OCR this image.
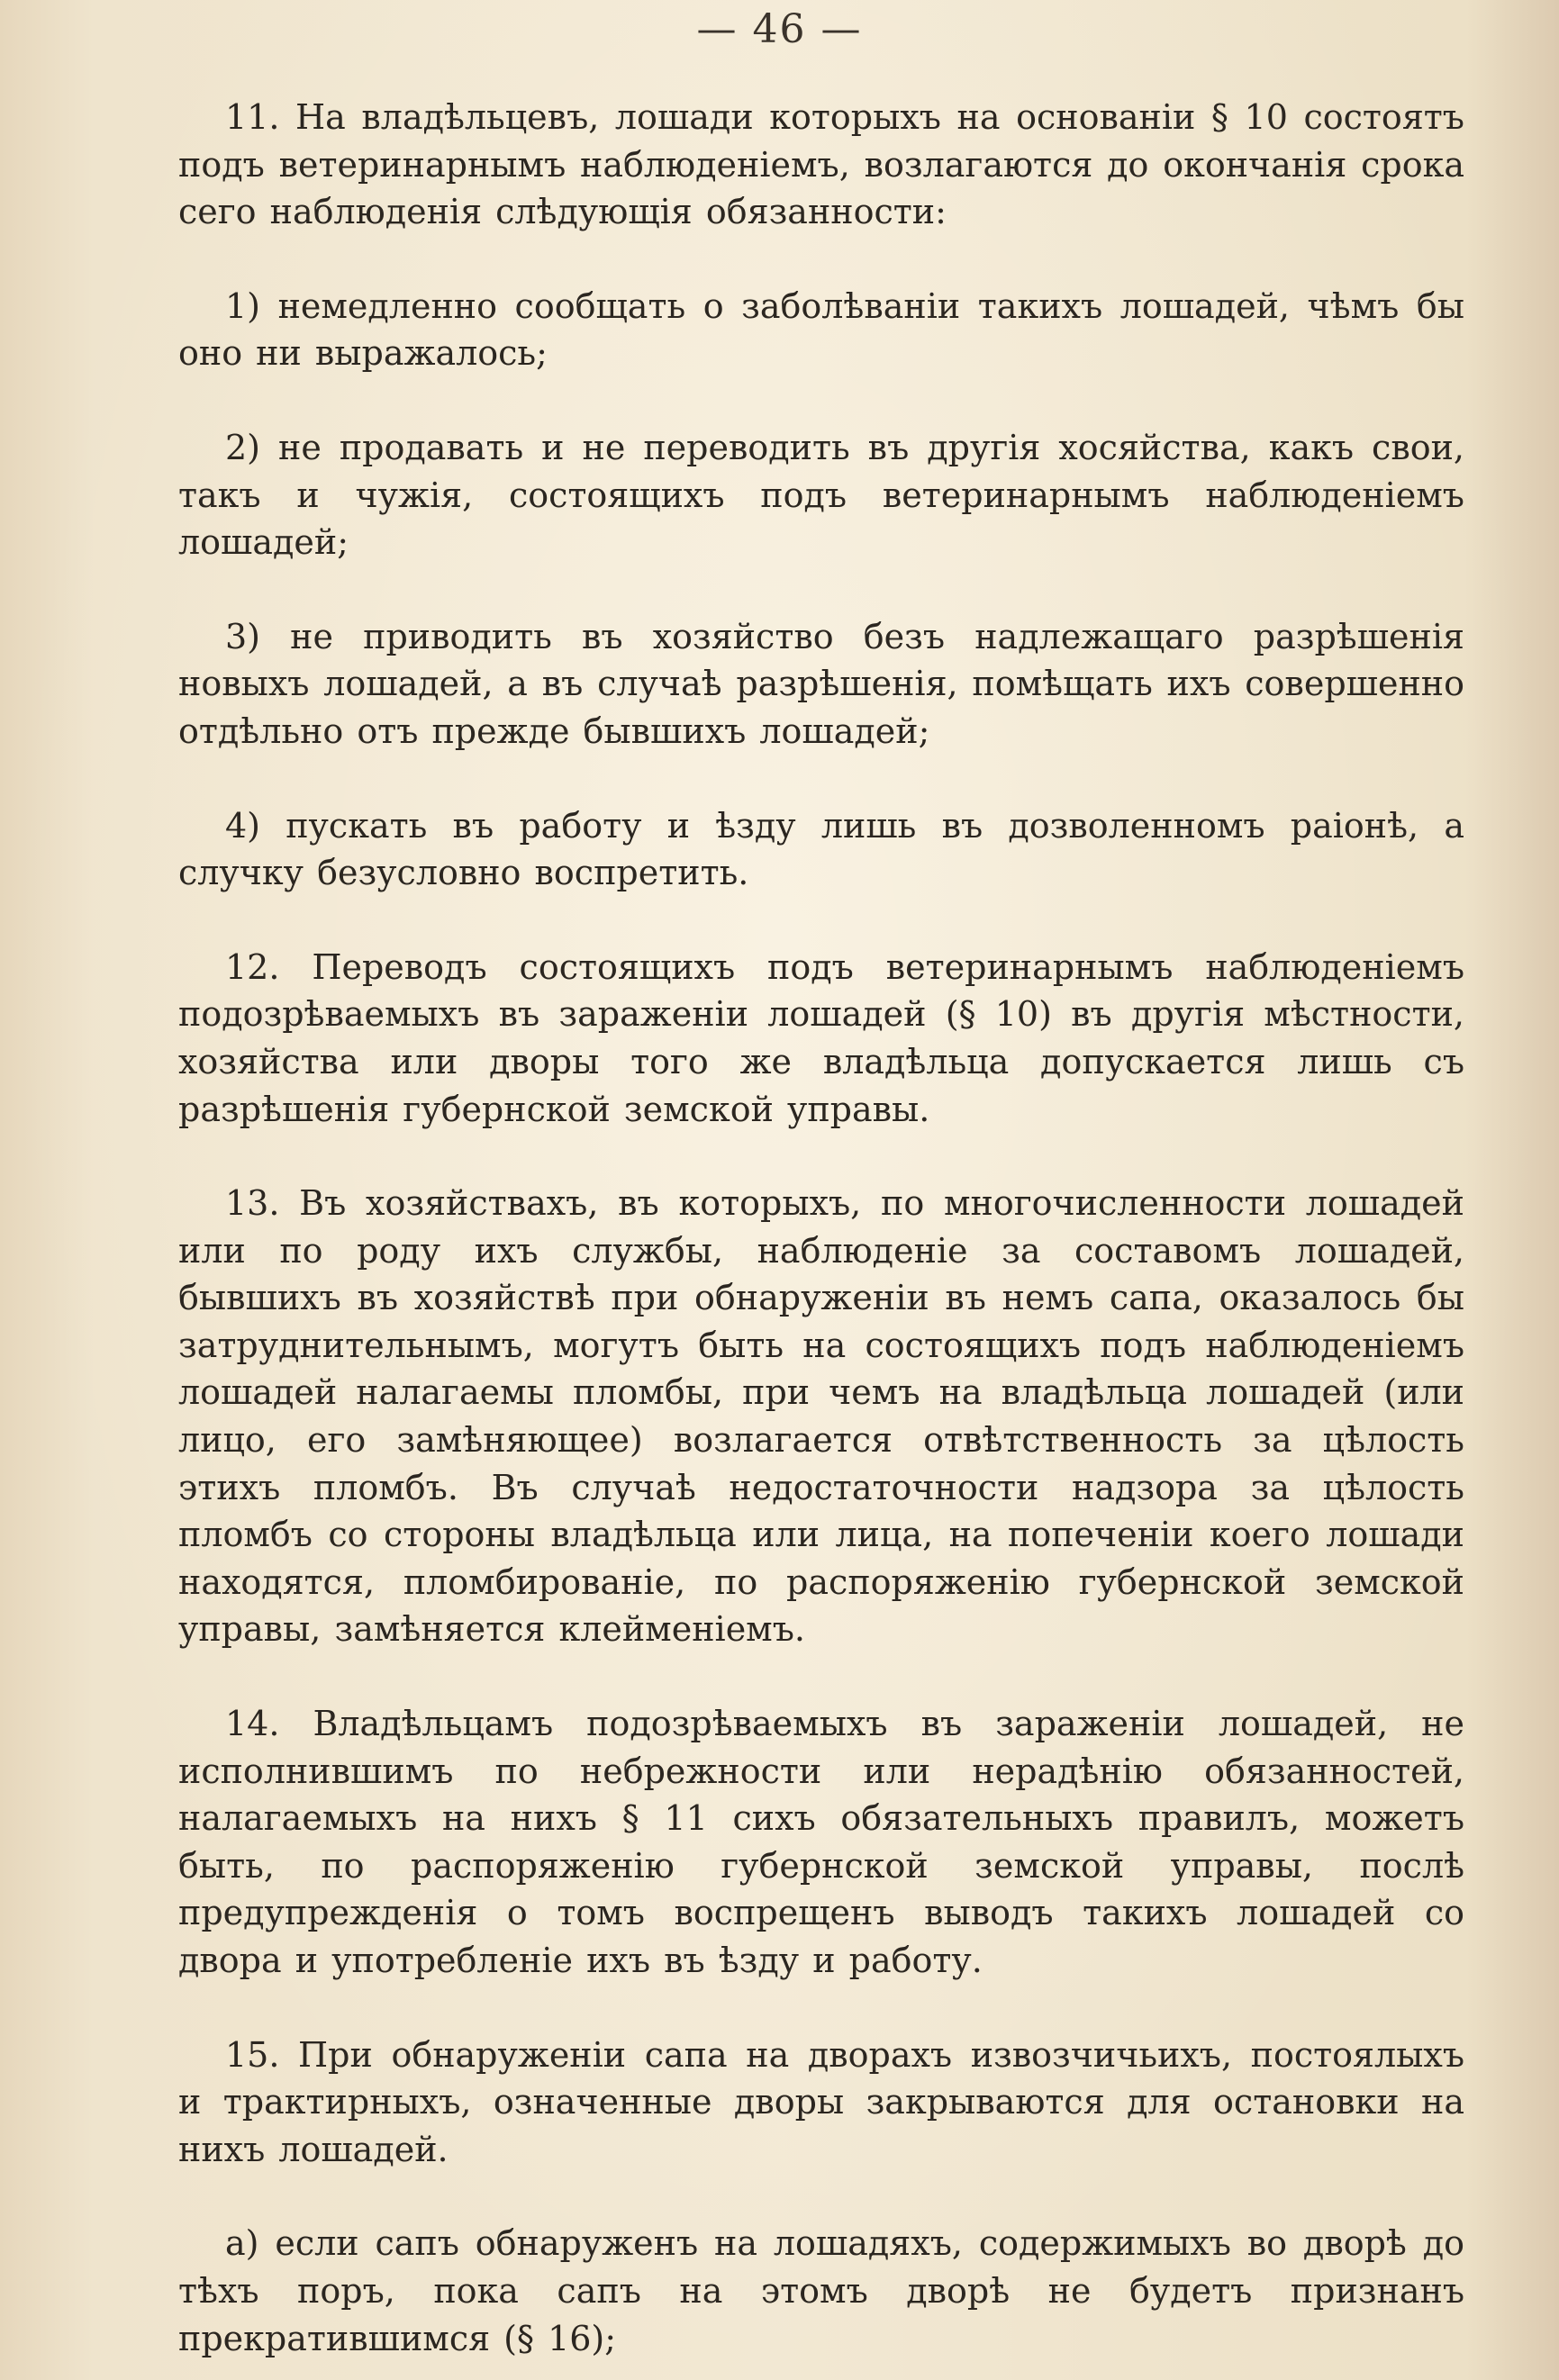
— 46 —

11. На владѣльцевъ, лошади которыхъ на основаніи § 10 состоятъ подъ ветеринарнымъ наблюденіемъ, возлагаются до окончанія срока сего наблюденія слѣдующія обязанности:

1) немедленно сообщать о заболѣваніи такихъ лошадей, чѣмъ бы оно ни выражалось;

2) не продавать и не переводить въ другія хосяйства, какъ свои, такъ и чужія, состоящихъ подъ ветеринарнымъ наблюденіемъ лошадей;

3) не приводить въ хозяйство безъ надлежащаго разрѣшенія новыхъ лошадей, а въ случаѣ разрѣшенія, помѣщать ихъ совершенно отдѣльно отъ прежде бывшихъ лошадей;

4) пускать въ работу и ѣзду лишь въ дозволенномъ раіонѣ, а случку безусловно воспретить.

12. Переводъ состоящихъ подъ ветеринарнымъ наблюденіемъ подозрѣваемыхъ въ зараженіи лошадей (§ 10) въ другія мѣстности, хозяйства или дворы того же владѣльца допускается лишь съ разрѣшенія губернской земской управы.

13. Въ хозяйствахъ, въ которыхъ, по многочисленности лошадей или по роду ихъ службы, наблюденіе за составомъ лошадей, бывшихъ въ хозяйствѣ при обнаруженіи въ немъ сапа, оказалось бы затруднительнымъ, могутъ быть на состоящихъ подъ наблюденіемъ лошадей налагаемы пломбы, при чемъ на владѣльца лошадей (или лицо, его замѣняющее) возлагается отвѣтственность за цѣлость этихъ пломбъ. Въ случаѣ недостаточности надзора за цѣлость пломбъ со стороны владѣльца или лица, на попеченіи коего лошади находятся, пломбированіе, по распоряженію губернской земской управы, замѣняется клейменіемъ.

14. Владѣльцамъ подозрѣваемыхъ въ зараженіи лошадей, не исполнившимъ по небрежности или нерадѣнію обязанностей, налагаемыхъ на нихъ § 11 сихъ обязательныхъ правилъ, можетъ быть, по распоряженію губернской земской управы, послѣ предупрежденія о томъ воспрещенъ выводъ такихъ лошадей со двора и употребленіе ихъ въ ѣзду и работу.

15. При обнаруженіи сапа на дворахъ извозчичьихъ, постоялыхъ и трактирныхъ, означенные дворы закрываются для остановки на нихъ лошадей.

а) если сапъ обнаруженъ на лошадяхъ, содержимыхъ во дворѣ до тѣхъ поръ, пока сапъ на этомъ дворѣ не будетъ признанъ прекратившимся (§ 16);
